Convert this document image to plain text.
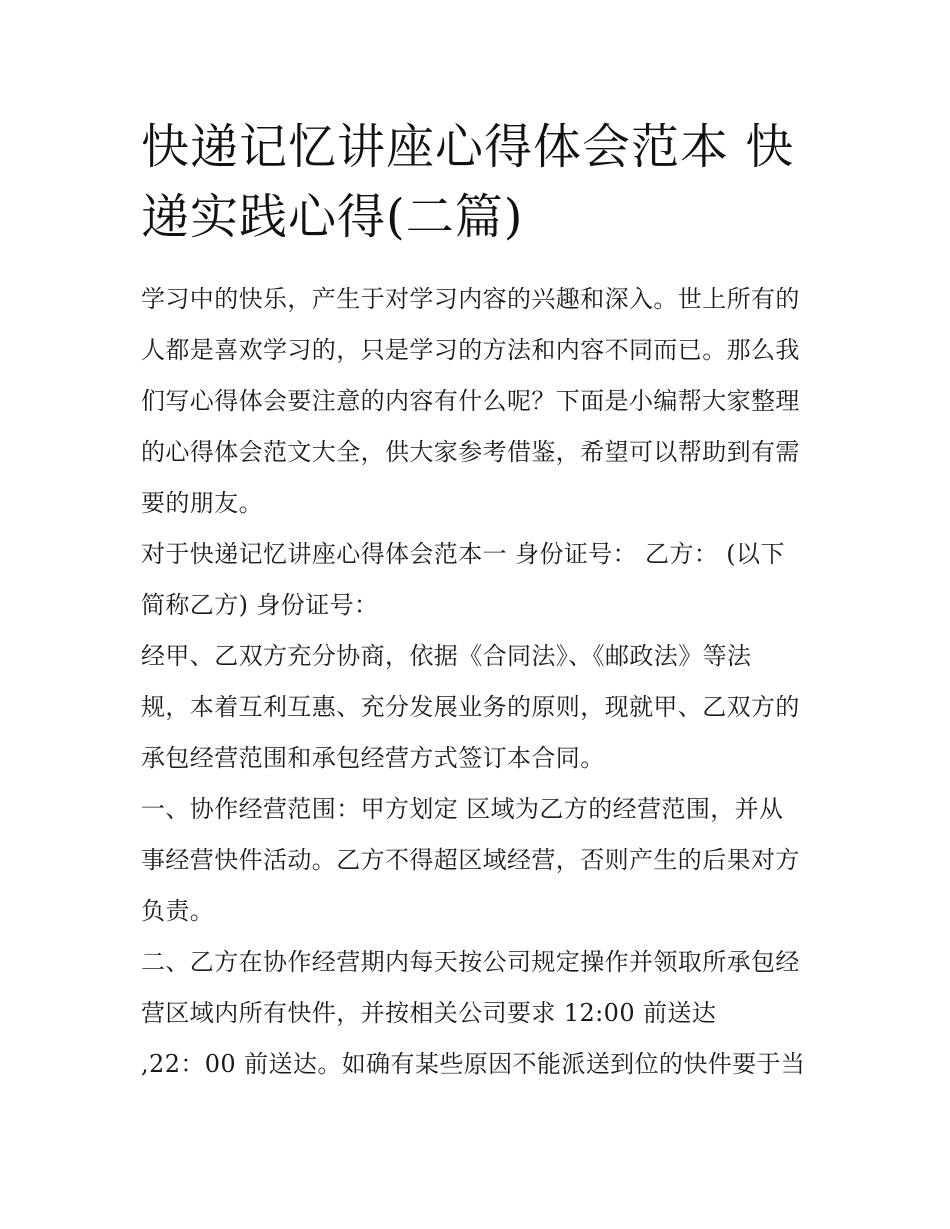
快递记忆讲座心得体会范本 快
递实践心得(二篇)

学习中的快乐，产生于对学习内容的兴趣和深入。世上所有的
人都是喜欢学习的，只是学习的方法和内容不同而已。那么我
们写心得体会要注意的内容有什么呢？下面是小编帮大家整理
的心得体会范文大全，供大家参考借鉴，希望可以帮助到有需
要的朋友。

对于快递记忆讲座心得体会范本一 身份证号： 乙方： (以下
简称乙方) 身份证号：

经甲、乙双方充分协商，依据《合同法》、《邮政法》等法
规，本着互利互惠、充分发展业务的原则，现就甲、乙双方的
承包经营范围和承包经营方式签订本合同。

一、协作经营范围：甲方划定 区域为乙方的经营范围，并从
事经营快件活动。乙方不得超区域经营，否则产生的后果对方
负责。

二、乙方在协作经营期内每天按公司规定操作并领取所承包经
营区域内所有快件，并按相关公司要求 12:00 前送达
,22：00 前送达。如确有某些原因不能派送到位的快件要于当
